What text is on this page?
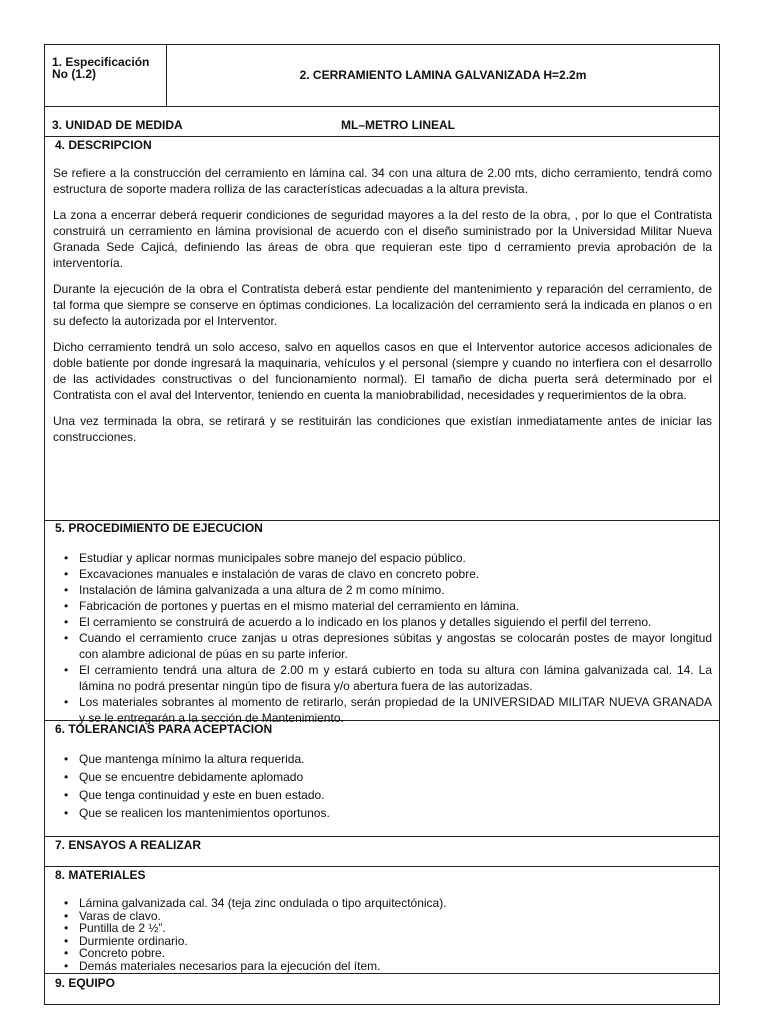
1. Especificación
No (1.2)	2. CERRAMIENTO LAMINA GALVANIZADA H=2.2m
3. UNIDAD DE MEDIDA	ML–METRO LINEAL
4. DESCRIPCION

Se refiere a la construcción del cerramiento en lámina cal. 34 con una altura de 2.00 mts, dicho cerramiento, tendrá como estructura de soporte madera rolliza de las características adecuadas a la altura prevista.

La zona a encerrar deberá requerir condiciones de seguridad mayores a la del resto de la obra, , por lo que el Contratista construirá un cerramiento en lámina provisional de acuerdo con el diseño suministrado por la Universidad Militar Nueva Granada Sede Cajicá, definiendo las áreas de obra que requieran este tipo d cerramiento previa aprobación de la interventoría.

Durante la ejecución de la obra el Contratista deberá estar pendiente del mantenimiento y reparación del cerramiento, de tal forma que siempre se conserve en óptimas condiciones. La localización del cerramiento será la indicada en planos o en su defecto la autorizada por el Interventor.

Dicho cerramiento tendrá un solo acceso, salvo en aquellos casos en que el Interventor autorice accesos adicionales de doble batiente por donde ingresará la maquinaria, vehículos y el personal (siempre y cuando no interfiera con el desarrollo de las actividades constructivas o del funcionamiento normal). El tamaño de dicha puerta será determinado por el Contratista con el aval del Interventor, teniendo en cuenta la maniobrabilidad, necesidades y requerimientos de la obra.

Una vez terminada la obra, se retirará y se restituirán las condiciones que existían inmediatamente antes de iniciar las construcciones.

5. PROCEDIMIENTO DE EJECUCION
• Estudiar y aplicar normas municipales sobre manejo del espacio público.
• Excavaciones manuales e instalación de varas de clavo en concreto pobre.
• Instalación de lámina galvanizada a una altura de 2 m como mínimo.
• Fabricación de portones y puertas en el mismo material del cerramiento en lámina.
• El cerramiento se construirá de acuerdo a lo indicado en los planos y detalles siguiendo el perfil del terreno.
• Cuando el cerramiento cruce zanjas u otras depresiones súbitas y angostas se colocarán postes de mayor longitud con alambre adicional de púas en su parte inferior.
• El cerramiento tendrá una altura de 2.00 m y estará cubierto en toda su altura con lámina galvanizada cal. 14. La lámina no podrá presentar ningún tipo de fisura y/o abertura fuera de las autorizadas.
• Los materiales sobrantes al momento de retirarlo, serán propiedad de la UNIVERSIDAD MILITAR NUEVA GRANADA y se le entregarán a la sección de Mantenimiento.
6. TOLERANCIAS PARA ACEPTACION
• Que mantenga mínimo la altura requerida.
• Que se encuentre debidamente aplomado
• Que tenga continuidad y este en buen estado.
• Que se realicen los mantenimientos oportunos.
7. ENSAYOS A REALIZAR
8. MATERIALES
• Lámina galvanizada cal. 34 (teja zinc ondulada o tipo arquitectónica).
• Varas de clavo.
• Puntilla de 2 ½”.
• Durmiente ordinario.
• Concreto pobre.
• Demás materiales necesarios para la ejecución del ítem.
9. EQUIPO
